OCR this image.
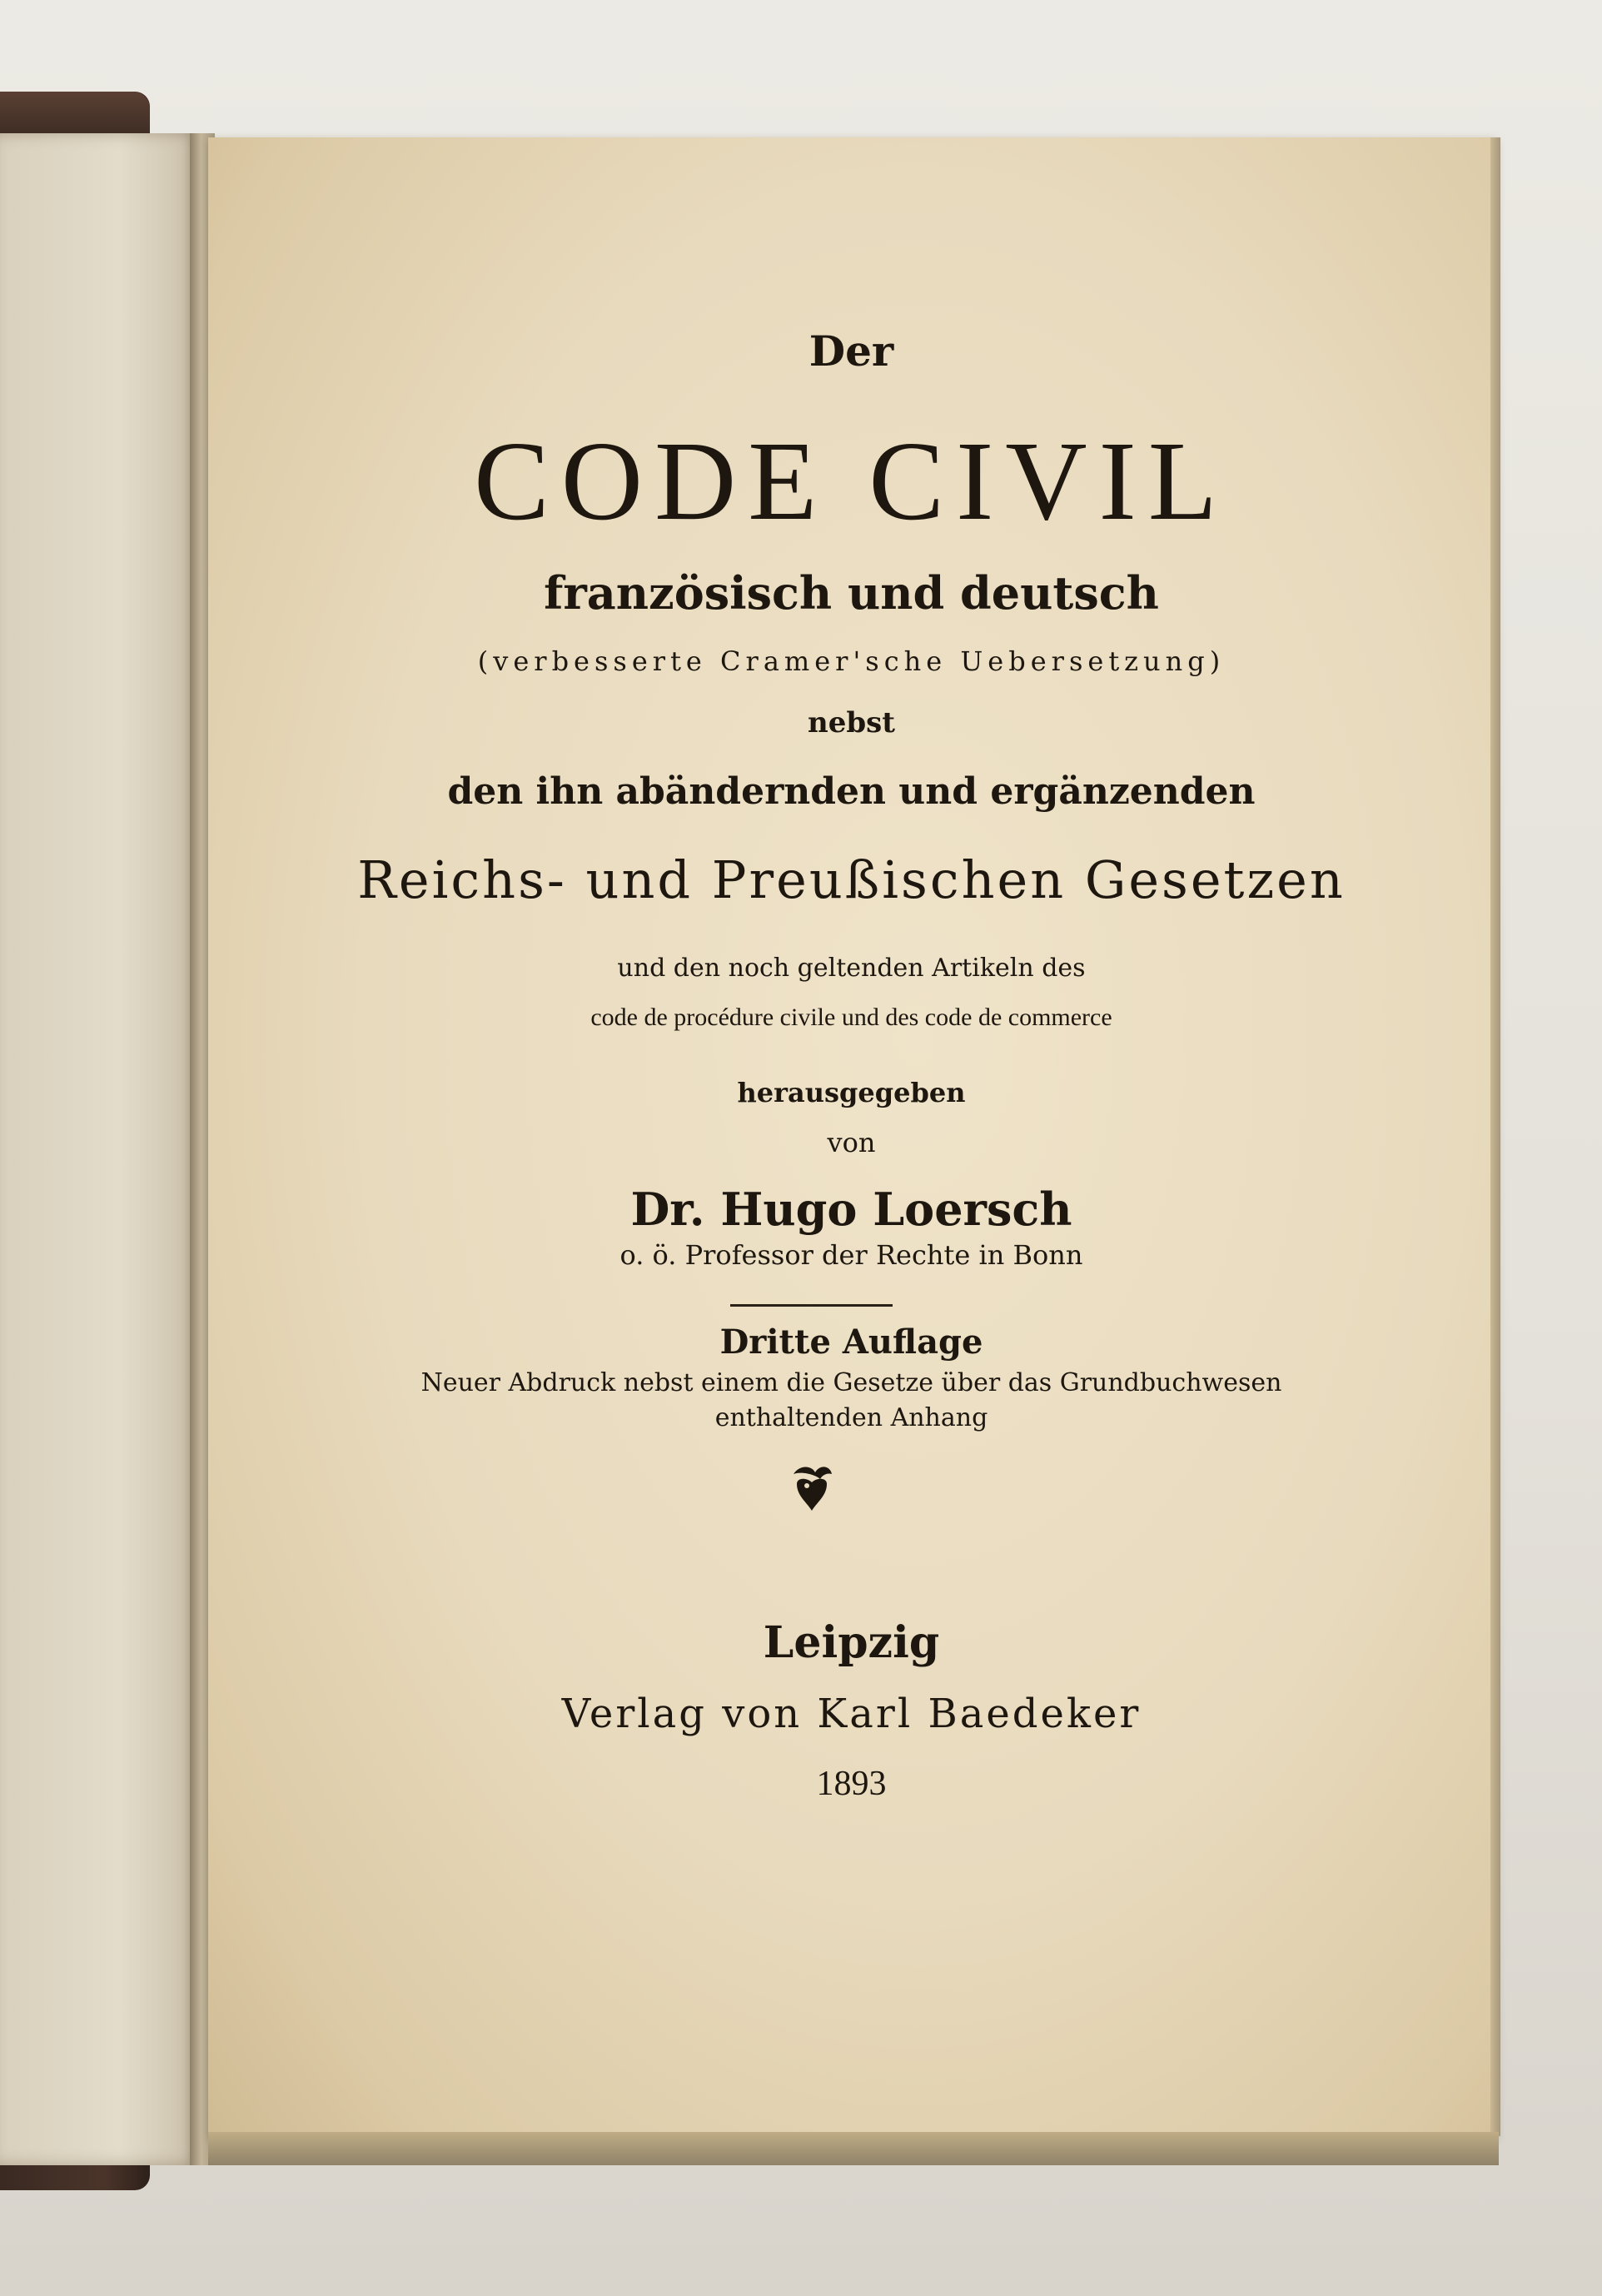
Der
CODE CIVIL
französisch und deutsch
(verbesserte Cramer'sche Uebersetzung)
nebst
den ihn abändernden und ergänzenden
Reichs- und Preußischen Gesetzen
und den noch geltenden Artikeln des
code de procédure civile und des code de commerce
herausgegeben
von
Dr. Hugo Loersch
o. ö. Professor der Rechte in Bonn
Dritte Auflage
Neuer Abdruck nebst einem die Gesetze über das Grundbuchwesen
enthaltenden Anhang
Leipzig
Verlag von Karl Baedeker
1893
